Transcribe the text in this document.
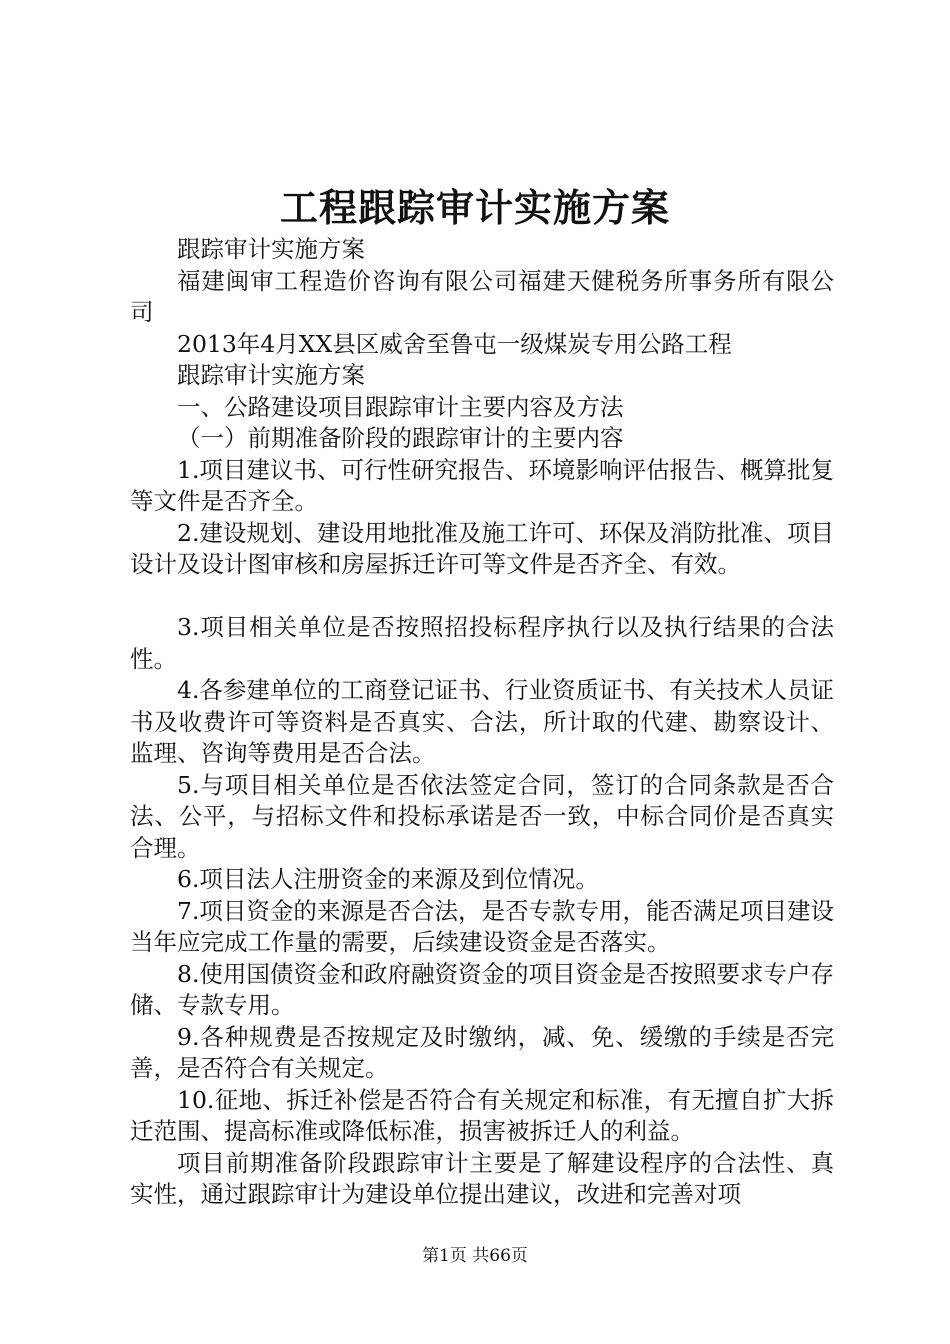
工程跟踪审计实施方案

跟踪审计实施方案

福建闽审工程造价咨询有限公司福建天健税务所事务所有限公司

2013年4月XX县区威舍至鲁屯一级煤炭专用公路工程

跟踪审计实施方案

一、公路建设项目跟踪审计主要内容及方法

（一）前期准备阶段的跟踪审计的主要内容

1.项目建议书、可行性研究报告、环境影响评估报告、概算批复等文件是否齐全。

2.建设规划、建设用地批准及施工许可、环保及消防批准、项目设计及设计图审核和房屋拆迁许可等文件是否齐全、有效。

3.项目相关单位是否按照招投标程序执行以及执行结果的合法性。

4.各参建单位的工商登记证书、行业资质证书、有关技术人员证书及收费许可等资料是否真实、合法，所计取的代建、勘察设计、监理、咨询等费用是否合法。

5.与项目相关单位是否依法签定合同，签订的合同条款是否合法、公平，与招标文件和投标承诺是否一致，中标合同价是否真实合理。

6.项目法人注册资金的来源及到位情况。

7.项目资金的来源是否合法，是否专款专用，能否满足项目建设当年应完成工作量的需要，后续建设资金是否落实。

8.使用国债资金和政府融资资金的项目资金是否按照要求专户存储、专款专用。

9.各种规费是否按规定及时缴纳，减、免、缓缴的手续是否完善，是否符合有关规定。

10.征地、拆迁补偿是否符合有关规定和标准，有无擅自扩大拆迁范围、提高标准或降低标准，损害被拆迁人的利益。

项目前期准备阶段跟踪审计主要是了解建设程序的合法性、真实性，通过跟踪审计为建设单位提出建议，改进和完善对项

第1页 共66页
